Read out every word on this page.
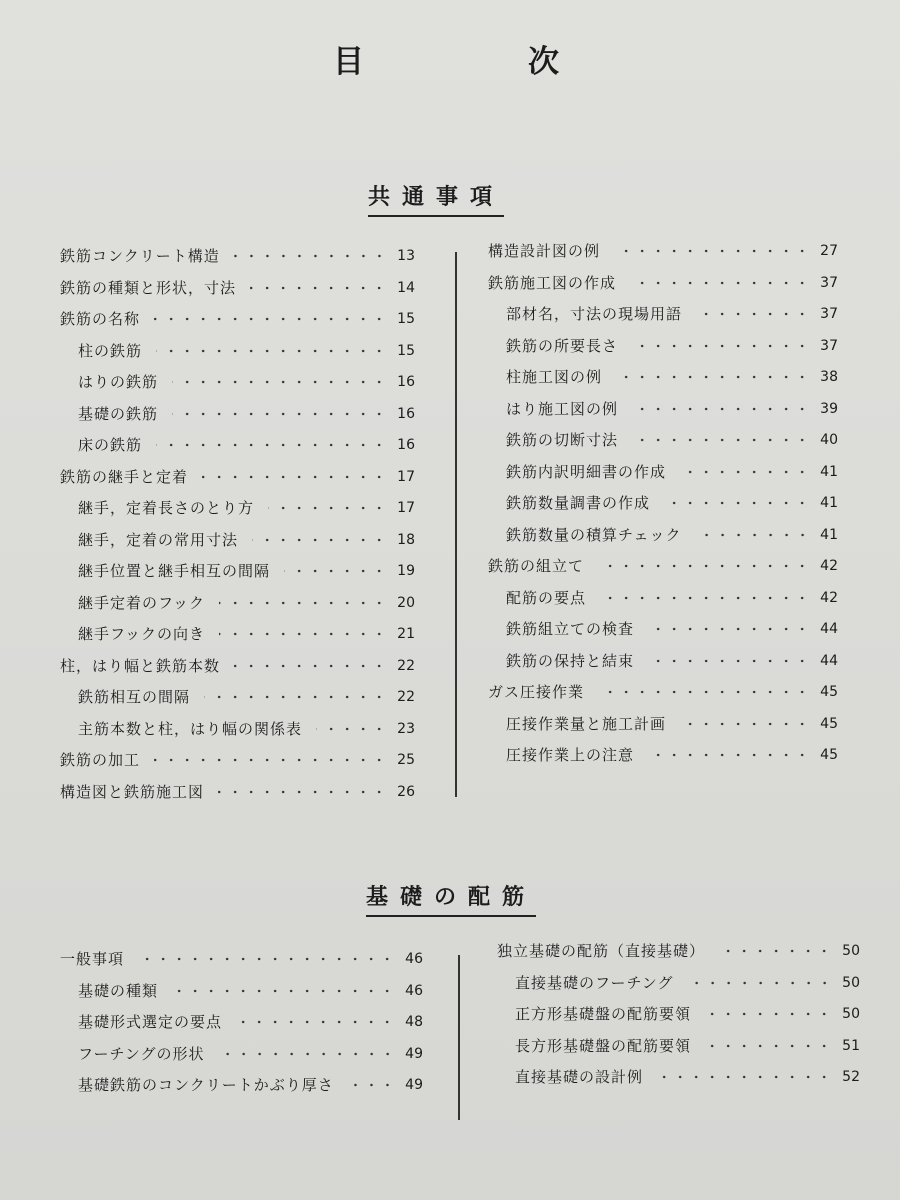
目	次
共通事項
鉄筋コンクリート構造	13
鉄筋の種類と形状，寸法	14
鉄筋の名称	15
柱の鉄筋	15
はりの鉄筋	16
基礎の鉄筋	16
床の鉄筋	16
鉄筋の継手と定着	17
継手，定着長さのとり方	17
継手，定着の常用寸法	18
継手位置と継手相互の間隔	19
継手定着のフック	20
継手フックの向き	21
柱，はり幅と鉄筋本数	22
鉄筋相互の間隔	22
主筋本数と柱，はり幅の関係表	23
鉄筋の加工	25
構造図と鉄筋施工図	26
構造設計図の例	27
鉄筋施工図の作成	37
部材名，寸法の現場用語	37
鉄筋の所要長さ	37
柱施工図の例	38
はり施工図の例	39
鉄筋の切断寸法	40
鉄筋内訳明細書の作成	41
鉄筋数量調書の作成	41
鉄筋数量の積算チェック	41
鉄筋の組立て	42
配筋の要点	42
鉄筋組立ての検査	44
鉄筋の保持と結束	44
ガス圧接作業	45
圧接作業量と施工計画	45
圧接作業上の注意	45
基礎の配筋
一般事項	46
基礎の種類	46
基礎形式選定の要点	48
フーチングの形状	49
基礎鉄筋のコンクリートかぶり厚さ	49
独立基礎の配筋（直接基礎）	50
直接基礎のフーチング	50
正方形基礎盤の配筋要領	50
長方形基礎盤の配筋要領	51
直接基礎の設計例	52
